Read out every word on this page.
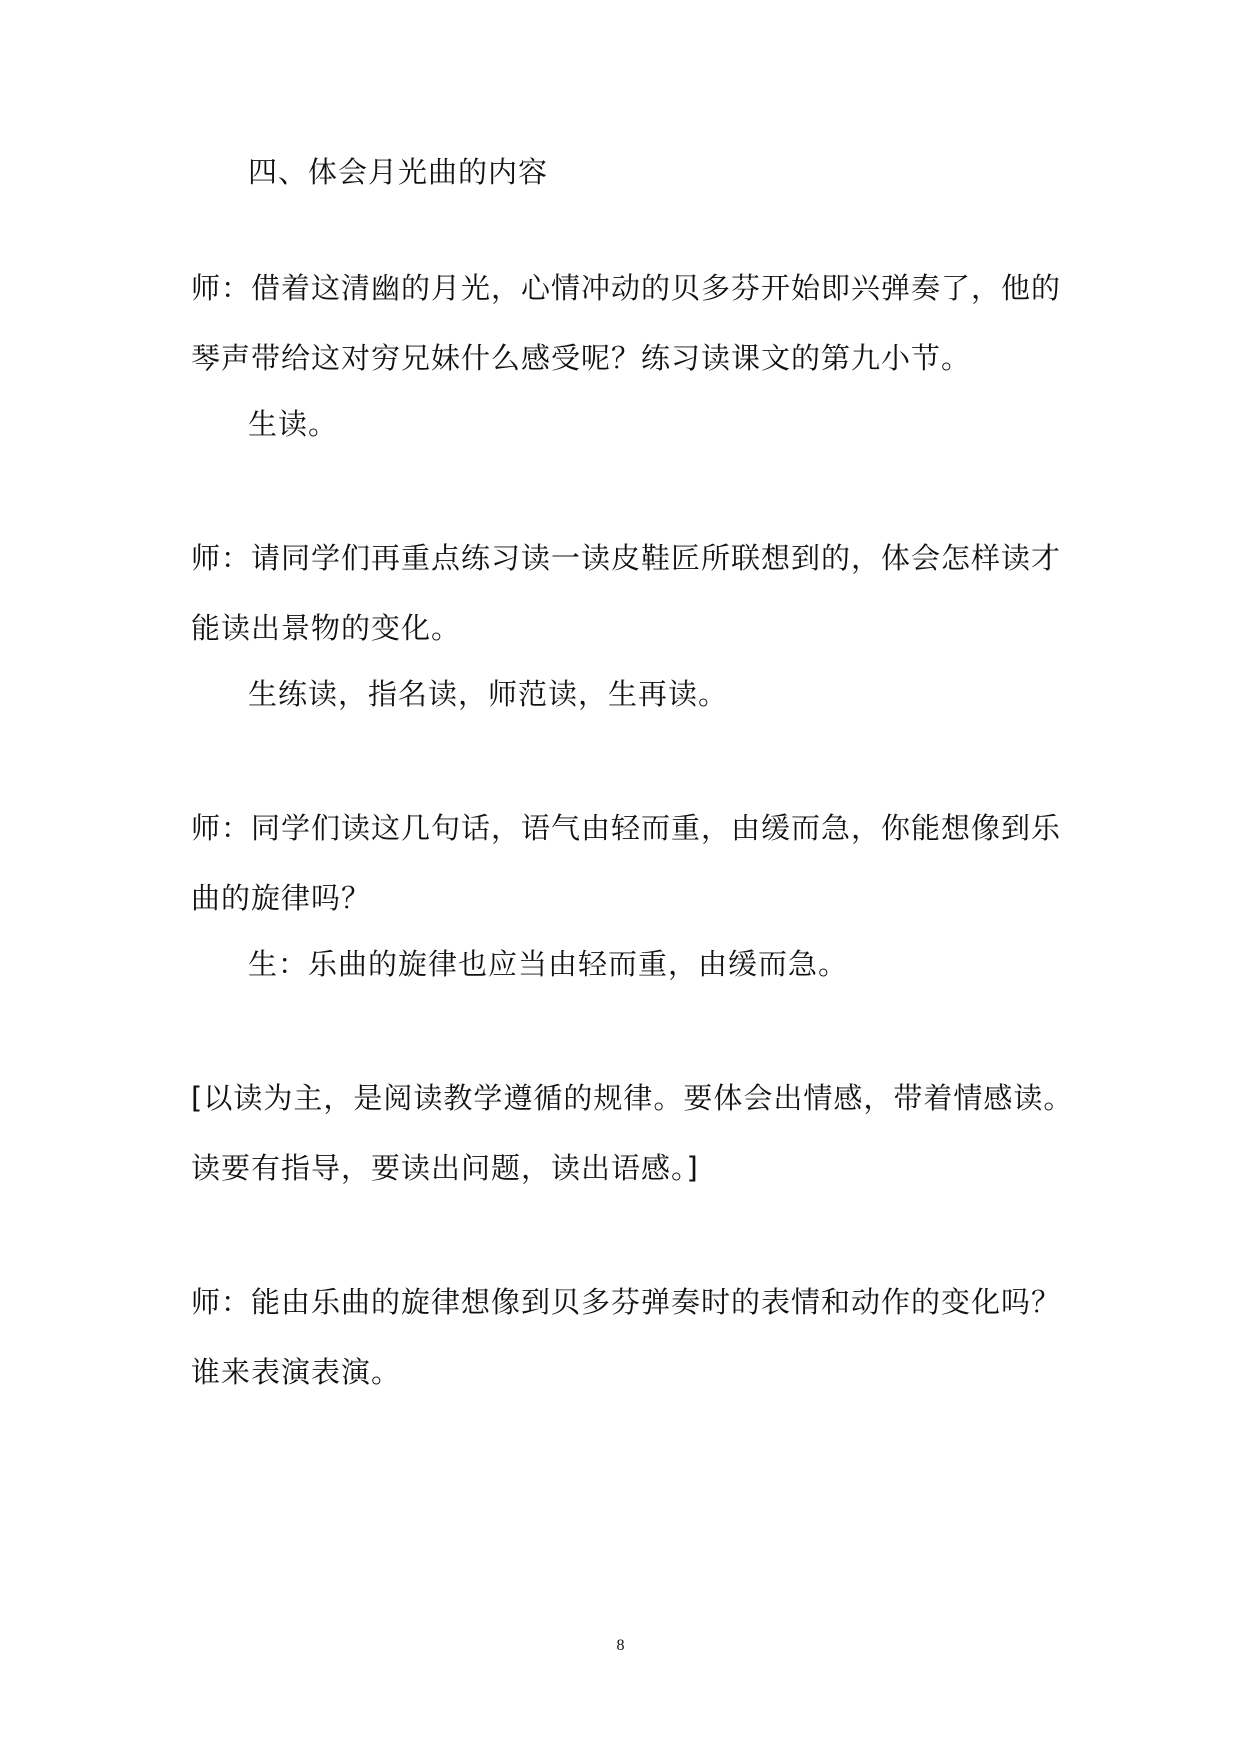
四、体会月光曲的内容
师：借着这清幽的月光，心情冲动的贝多芬开始即兴弹奏了，他的
琴声带给这对穷兄妹什么感受呢？练习读课文的第九小节。
生读。
师：请同学们再重点练习读一读皮鞋匠所联想到的，体会怎样读才
能读出景物的变化。
生练读，指名读，师范读，生再读。
师：同学们读这几句话，语气由轻而重，由缓而急，你能想像到乐
曲的旋律吗？
生：乐曲的旋律也应当由轻而重，由缓而急。
[以读为主，是阅读教学遵循的规律。要体会出情感，带着情感读。
读要有指导，要读出问题，读出语感。]
师：能由乐曲的旋律想像到贝多芬弹奏时的表情和动作的变化吗？
谁来表演表演。
8
